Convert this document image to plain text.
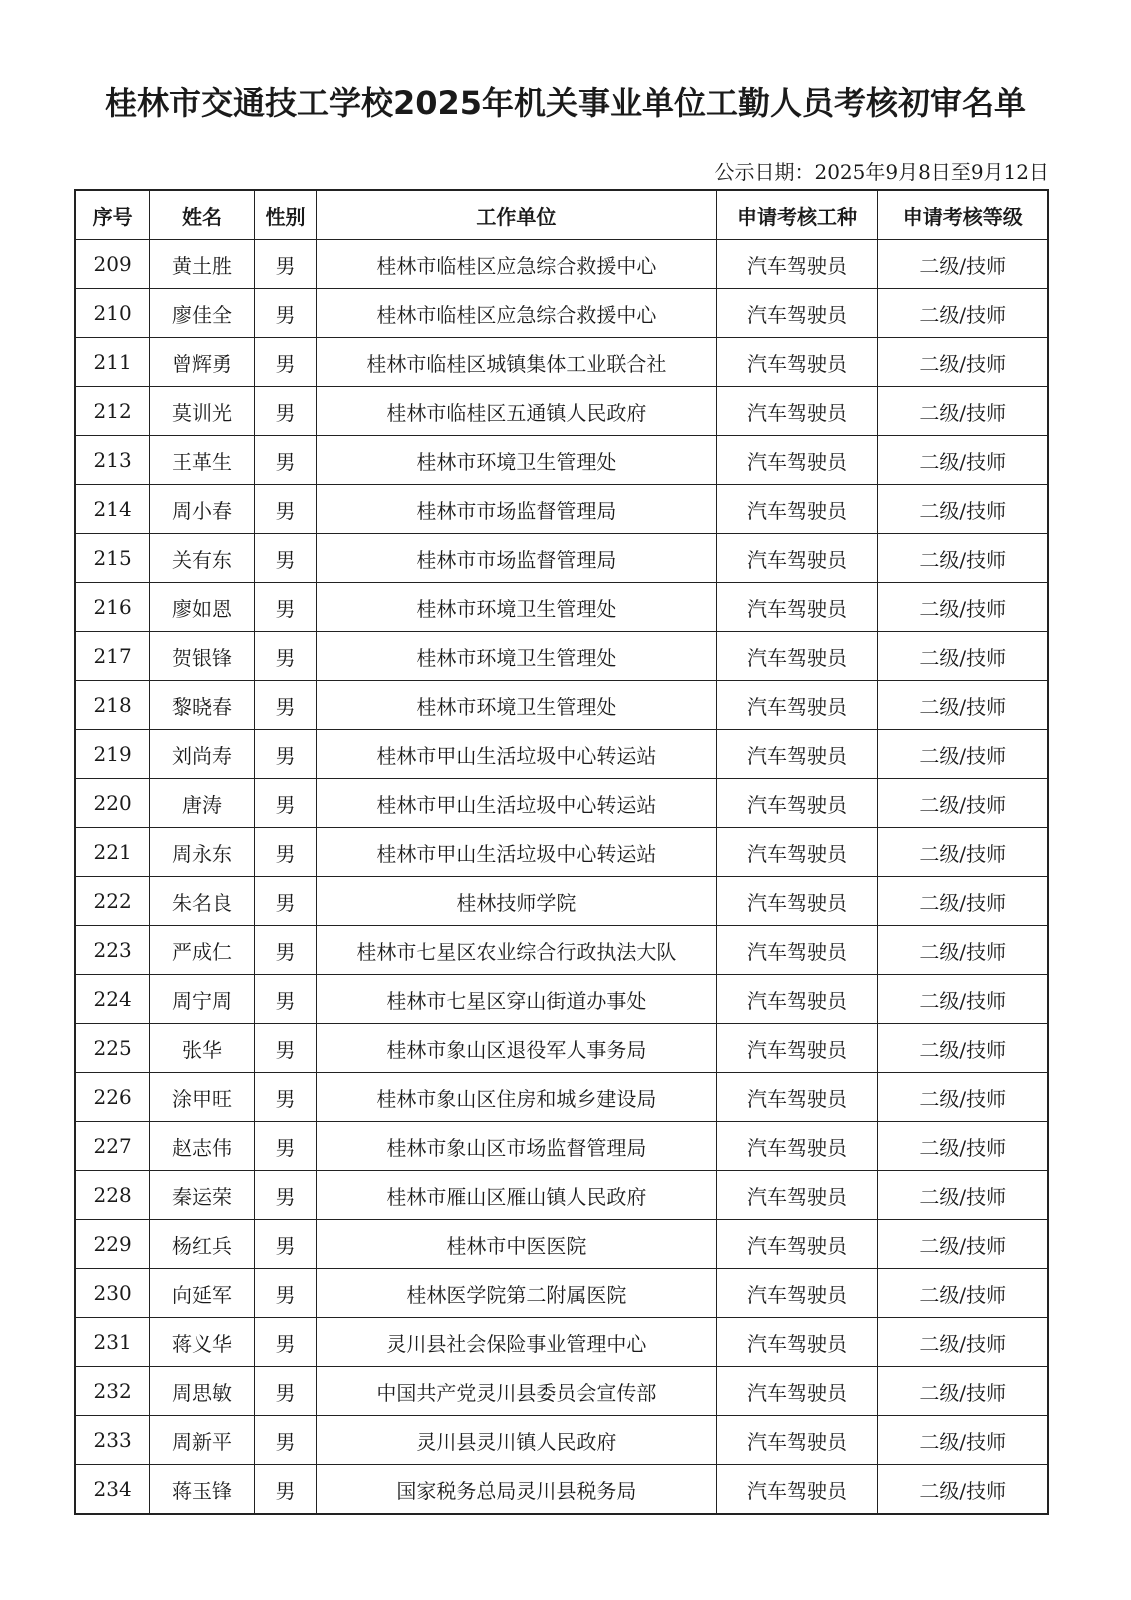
桂林市交通技工学校2025年机关事业单位工勤人员考核初审名单
公示日期：2025年9月8日至9月12日
序号	姓名	性别	工作单位	申请考核工种	申请考核等级
209	黄土胜	男	桂林市临桂区应急综合救援中心	汽车驾驶员	二级/技师
210	廖佳全	男	桂林市临桂区应急综合救援中心	汽车驾驶员	二级/技师
211	曾辉勇	男	桂林市临桂区城镇集体工业联合社	汽车驾驶员	二级/技师
212	莫训光	男	桂林市临桂区五通镇人民政府	汽车驾驶员	二级/技师
213	王革生	男	桂林市环境卫生管理处	汽车驾驶员	二级/技师
214	周小春	男	桂林市市场监督管理局	汽车驾驶员	二级/技师
215	关有东	男	桂林市市场监督管理局	汽车驾驶员	二级/技师
216	廖如恩	男	桂林市环境卫生管理处	汽车驾驶员	二级/技师
217	贺银锋	男	桂林市环境卫生管理处	汽车驾驶员	二级/技师
218	黎晓春	男	桂林市环境卫生管理处	汽车驾驶员	二级/技师
219	刘尚寿	男	桂林市甲山生活垃圾中心转运站	汽车驾驶员	二级/技师
220	唐涛	男	桂林市甲山生活垃圾中心转运站	汽车驾驶员	二级/技师
221	周永东	男	桂林市甲山生活垃圾中心转运站	汽车驾驶员	二级/技师
222	朱名良	男	桂林技师学院	汽车驾驶员	二级/技师
223	严成仁	男	桂林市七星区农业综合行政执法大队	汽车驾驶员	二级/技师
224	周宁周	男	桂林市七星区穿山街道办事处	汽车驾驶员	二级/技师
225	张华	男	桂林市象山区退役军人事务局	汽车驾驶员	二级/技师
226	涂甲旺	男	桂林市象山区住房和城乡建设局	汽车驾驶员	二级/技师
227	赵志伟	男	桂林市象山区市场监督管理局	汽车驾驶员	二级/技师
228	秦运荣	男	桂林市雁山区雁山镇人民政府	汽车驾驶员	二级/技师
229	杨红兵	男	桂林市中医医院	汽车驾驶员	二级/技师
230	向延军	男	桂林医学院第二附属医院	汽车驾驶员	二级/技师
231	蒋义华	男	灵川县社会保险事业管理中心	汽车驾驶员	二级/技师
232	周思敏	男	中国共产党灵川县委员会宣传部	汽车驾驶员	二级/技师
233	周新平	男	灵川县灵川镇人民政府	汽车驾驶员	二级/技师
234	蒋玉锋	男	国家税务总局灵川县税务局	汽车驾驶员	二级/技师
